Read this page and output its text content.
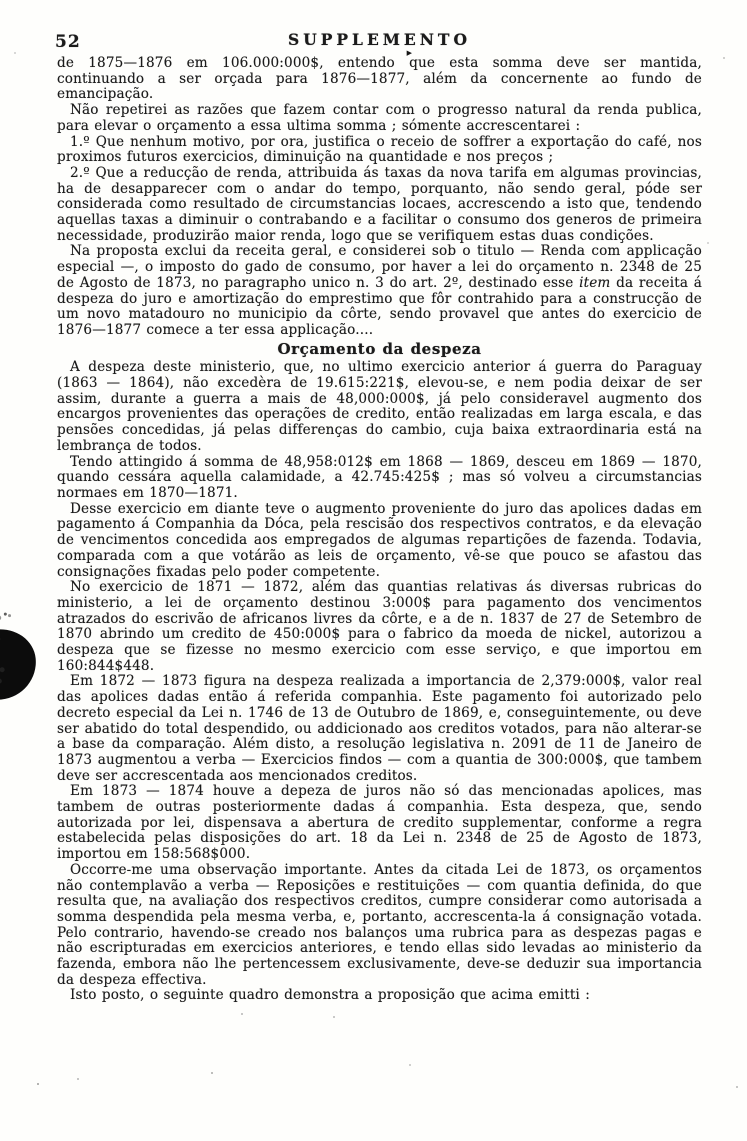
52	SUPPLEMENTO
▶

de 1875—1876 em 106.000:000$, entendo que esta somma deve ser mantida, continuando a ser orçada para 1876—1877, além da concernente ao fundo de emancipação.

Não repetirei as razões que fazem contar com o progresso natural da renda publica, para elevar o orçamento a essa ultima somma ; sómente accrescentarei :

1.º Que nenhum motivo, por ora, justifica o receio de soffrer a exportação do café, nos proximos futuros exercicios, diminuição na quantidade e nos preços ;

2.º Que a reducção de renda, attribuida ás taxas da nova tarifa em algumas provincias, ha de desapparecer com o andar do tempo, porquanto, não sendo geral, póde ser considerada como resultado de circumstancias locaes, accrescendo a isto que, tendendo aquellas taxas a diminuir o contrabando e a facilitar o consumo dos generos de primeira necessidade, produzirão maior renda, logo que se verifiquem estas duas condições.

Na proposta exclui da receita geral, e considerei sob o titulo — Renda com applicação especial —, o imposto do gado de consumo, por haver a lei do orçamento n. 2348 de 25 de Agosto de 1873, no paragrapho unico n. 3 do art. 2º, destinado esse item da receita á despeza do juro e amortização do emprestimo que fôr contrahido para a construcção de um novo matadouro no municipio da côrte, sendo provavel que antes do exercicio de 1876—1877 comece a ter essa applicação....

Orçamento da despeza

A despeza deste ministerio, que, no ultimo exercicio anterior á guerra do Paraguay (1863 — 1864), não excedèra de 19.615:221$, elevou-se, e nem podia deixar de ser assim, durante a guerra a mais de 48,000:000$, já pelo consideravel augmento dos encargos provenientes das operações de credito, então realizadas em larga escala, e das pensões concedidas, já pelas differenças do cambio, cuja baixa extraordinaria está na lembrança de todos.

Tendo attingido á somma de 48,958:012$ em 1868 — 1869, desceu em 1869 — 1870, quando cessára aquella calamidade, a 42.745:425$ ; mas só volveu a circumstancias normaes em 1870—1871.

Desse exercicio em diante teve o augmento proveniente do juro das apolices dadas em pagamento á Companhia da Dóca, pela rescisão dos respectivos contratos, e da elevação de vencimentos concedida aos empregados de algumas repartições de fazenda. Todavia, comparada com a que votárão as leis de orçamento, vê-se que pouco se afastou das consignações fixadas pelo poder competente.

No exercicio de 1871 — 1872, além das quantias relativas ás diversas rubricas do ministerio, a lei de orçamento destinou 3:000$ para pagamento dos vencimentos atrazados do escrivão de africanos livres da côrte, e a de n. 1837 de 27 de Setembro de 1870 abrindo um credito de 450:000$ para o fabrico da moeda de nickel, autorizou a despeza que se fizesse no mesmo exercicio com esse serviço, e que importou em 160:844$448.

Em 1872 — 1873 figura na despeza realizada a importancia de 2,379:000$, valor real das apolices dadas então á referida companhia. Este pagamento foi autorizado pelo decreto especial da Lei n. 1746 de 13 de Outubro de 1869, e, conseguintemente, ou deve ser abatido do total despendido, ou addicionado aos creditos votados, para não alterar-se a base da comparação. Além disto, a resolução legislativa n. 2091 de 11 de Janeiro de 1873 augmentou a verba — Exercicios findos — com a quantia de 300:000$, que tambem deve ser accrescentada aos mencionados creditos.

Em 1873 — 1874 houve a depeza de juros não só das mencionadas apolices, mas tambem de outras posteriormente dadas á companhia. Esta despeza, que, sendo autorizada por lei, dispensava a abertura de credito supplementar, conforme a regra estabelecida pelas disposições do art. 18 da Lei n. 2348 de 25 de Agosto de 1873, importou em 158:568$000.

Occorre-me uma observação importante. Antes da citada Lei de 1873, os orçamentos não contemplavão a verba — Reposições e restituições — com quantia definida, do que resulta que, na avaliação dos respectivos creditos, cumpre considerar como autorisada a somma despendida pela mesma verba, e, portanto, accrescenta-la á consignação votada. Pelo contrario, havendo-se creado nos balanços uma rubrica para as despezas pagas e não escripturadas em exercicios anteriores, e tendo ellas sido levadas ao ministerio da fazenda, embora não lhe pertencessem exclusivamente, deve-se deduzir sua importancia da despeza effectiva.

Isto posto, o seguinte quadro demonstra a proposição que acima emitti :
